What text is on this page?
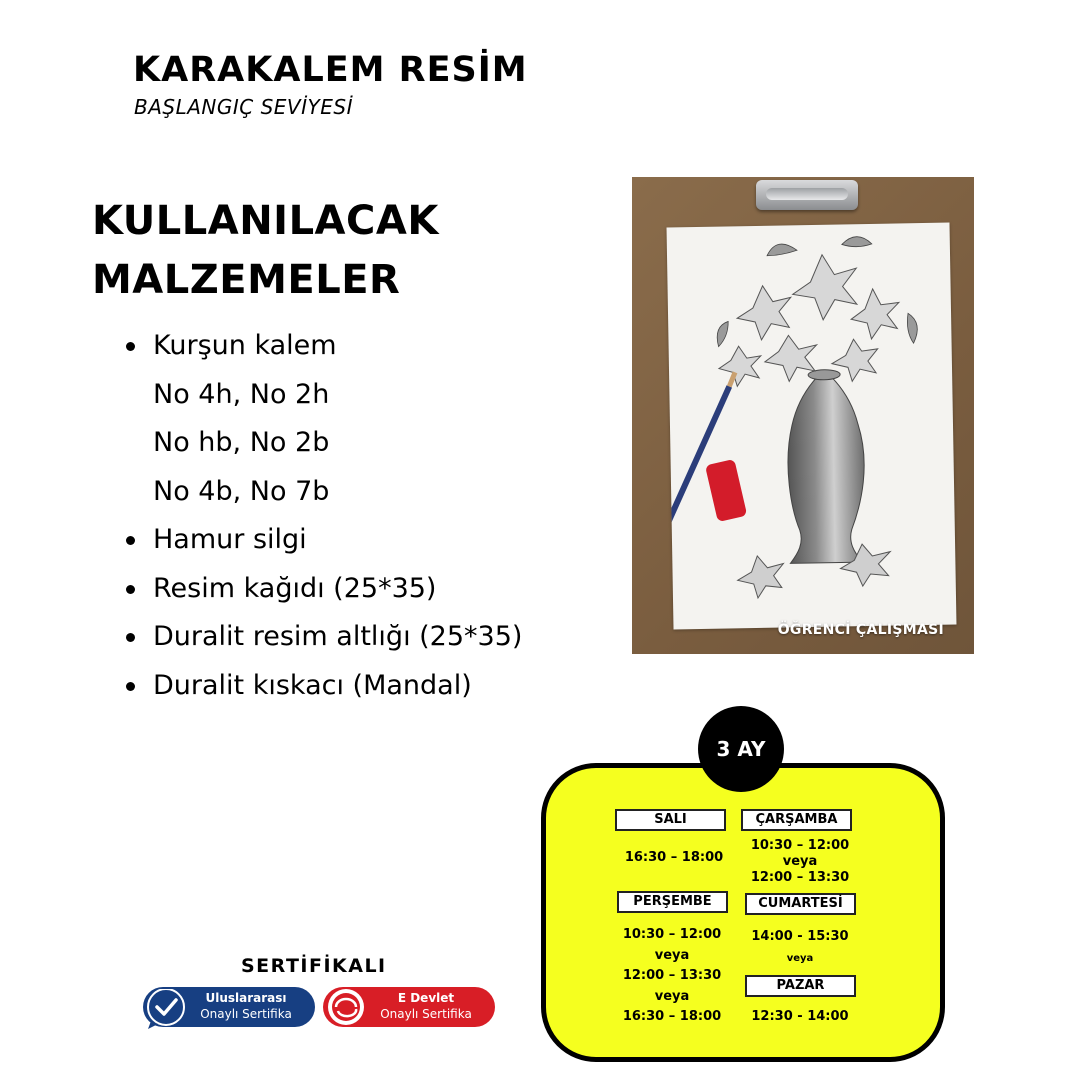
KARAKALEM RESİM
BAŞLANGIÇ SEVİYESİ
KULLANILACAK
MALZEMELER
Kurşun kalem
No 4h, No 2h
No hb, No 2b
No 4b, No 7b
Hamur silgi
Resim kağıdı (25*35)
Duralit resim altlığı (25*35)
Duralit kıskacı (Mandal)
ÖĞRENCİ ÇALIŞMASI
3 AY
SALI
16:30 – 18:00
ÇARŞAMBA
10:30 – 12:00
veya
12:00 – 13:30
PERŞEMBE
10:30 – 12:00
veya
12:00 – 13:30
veya
16:30 – 18:00
CUMARTESİ
14:00 - 15:30
veya
PAZAR
12:30 - 14:00
SERTİFİKALI
Uluslararası
Onaylı Sertifika
E Devlet
Onaylı Sertifika
